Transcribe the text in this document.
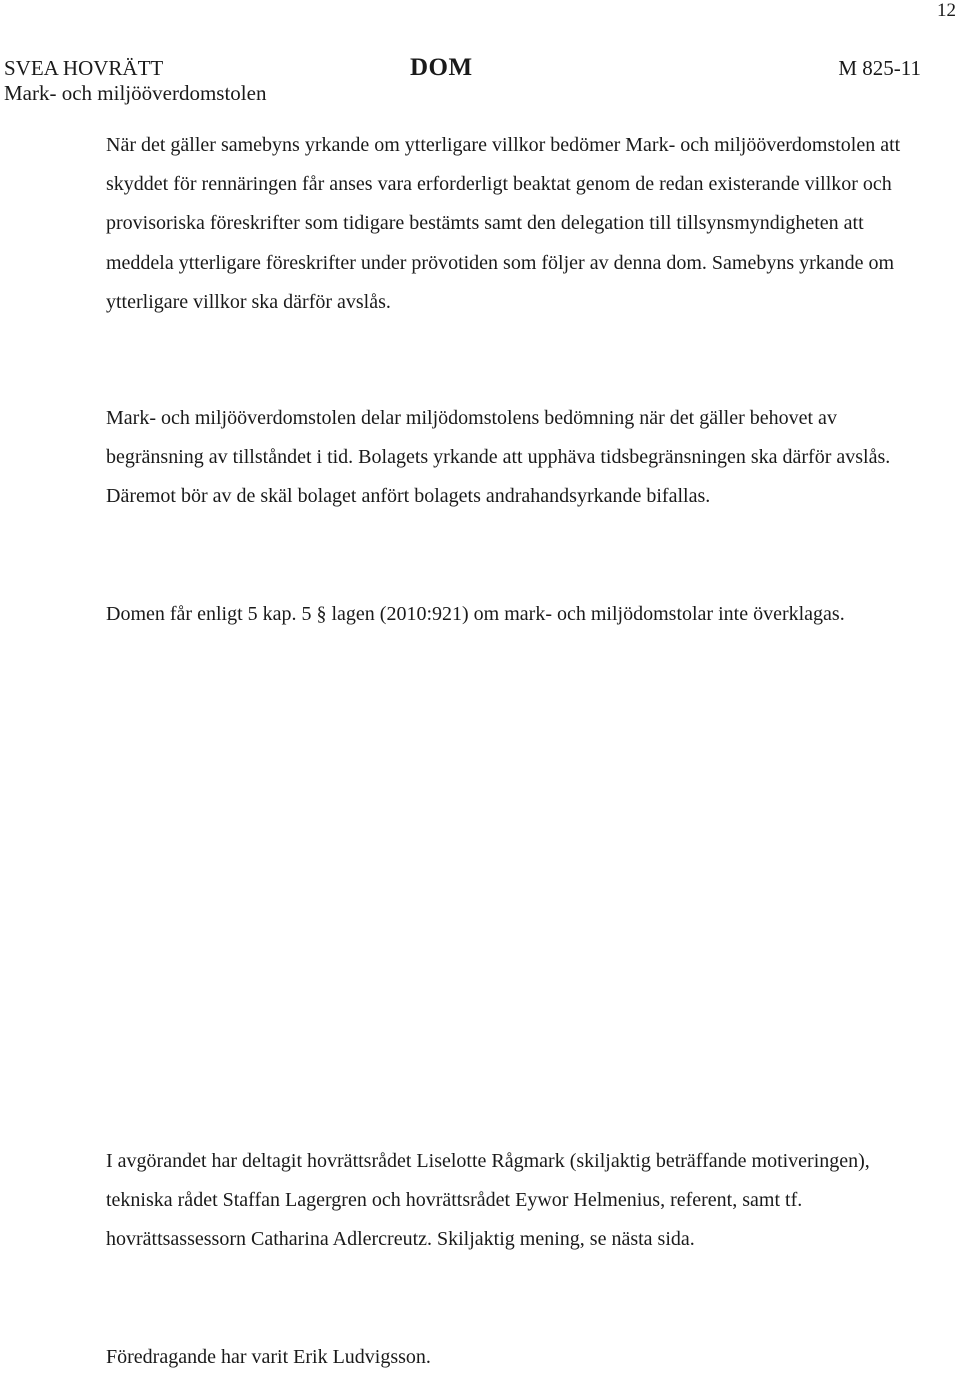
12
SVEA HOVRÄTT
Mark- och miljööverdomstolen
DOM	M 825-11

När det gäller samebyns yrkande om ytterligare villkor bedömer Mark- och miljööverdomstolen att skyddet för rennäringen får anses vara erforderligt beaktat genom de redan existerande villkor och provisoriska föreskrifter som tidigare bestämts samt den delegation till tillsynsmyndigheten att meddela ytterligare föreskrifter under prövotiden som följer av denna dom. Samebyns yrkande om ytterligare villkor ska därför avslås.

Mark- och miljööverdomstolen delar miljödomstolens bedömning när det gäller behovet av begränsning av tillståndet i tid. Bolagets yrkande att upphäva tidsbegränsningen ska därför avslås. Däremot bör av de skäl bolaget anfört bolagets andrahandsyrkande bifallas.

Domen får enligt 5 kap. 5 § lagen (2010:921) om mark- och miljödomstolar inte överklagas.

I avgörandet har deltagit hovrättsrådet Liselotte Rågmark (skiljaktig beträffande motiveringen), tekniska rådet Staffan Lagergren och hovrättsrådet Eywor Helmenius, referent, samt tf. hovrättsassessorn Catharina Adlercreutz. Skiljaktig mening, se nästa sida.

Föredragande har varit Erik Ludvigsson.
